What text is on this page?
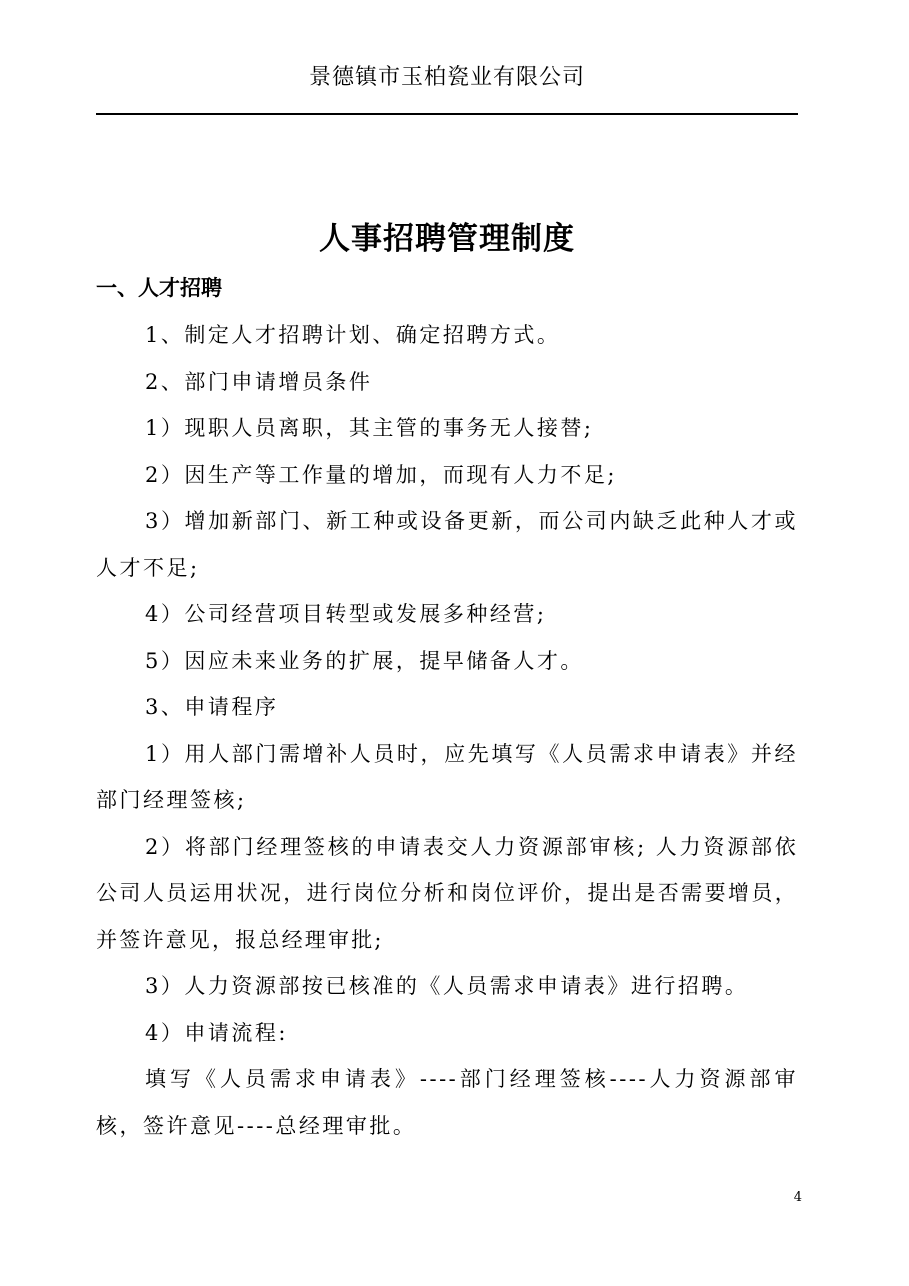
景德镇市玉柏瓷业有限公司
人事招聘管理制度
一、人才招聘

1、制定人才招聘计划、确定招聘方式。

2、部门申请增员条件

1）现职人员离职，其主管的事务无人接替;

2）因生产等工作量的增加，而现有人力不足;

3）增加新部门、新工种或设备更新，而公司内缺乏此种人才或人才不足;

4）公司经营项目转型或发展多种经营;

5）因应未来业务的扩展，提早储备人才。

3、申请程序

1）用人部门需增补人员时，应先填写《人员需求申请表》并经部门经理签核;

2）将部门经理签核的申请表交人力资源部审核; 人力资源部依公司人员运用状况，进行岗位分析和岗位评价，提出是否需要增员，并签许意见，报总经理审批;

3）人力资源部按已核准的《人员需求申请表》进行招聘。

4）申请流程:

填写《人员需求申请表》----部门经理签核----人力资源部审核，签许意见----总经理审批。

4
